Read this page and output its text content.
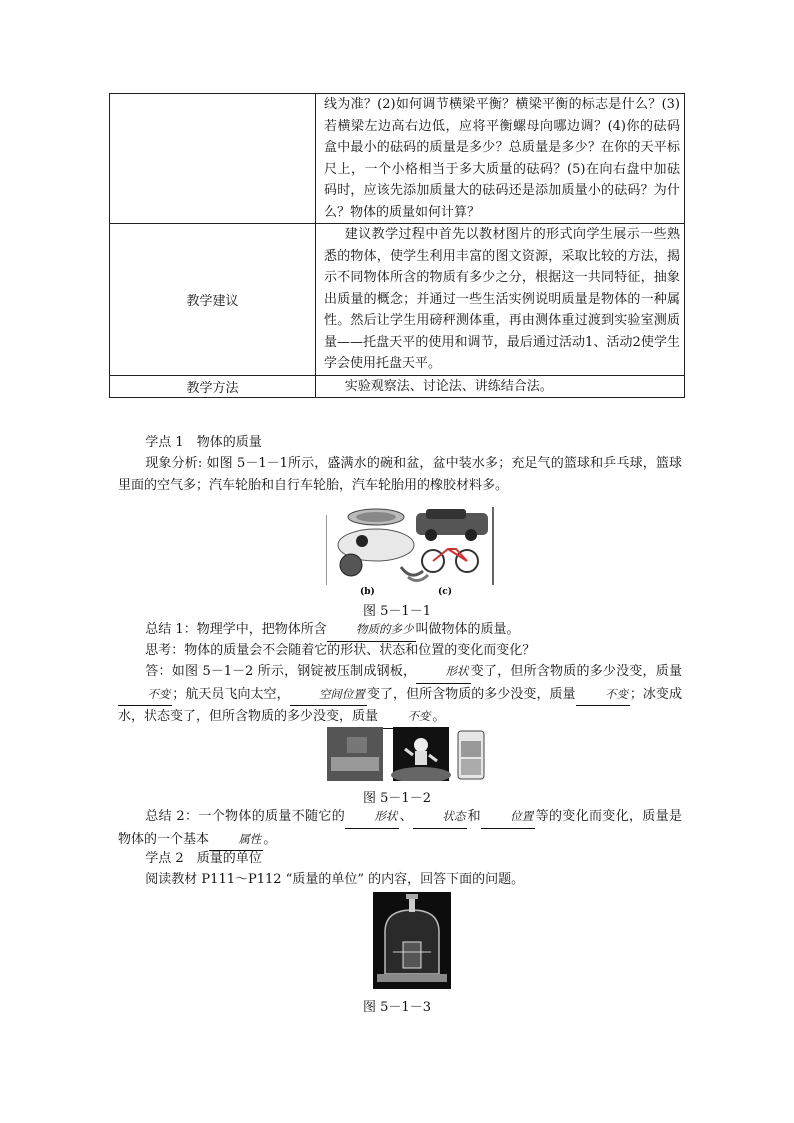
	线为准？(2)如何调节横梁平衡？横梁平衡的标志是什么？(3)若横梁左边高右边低，应将平衡螺母向哪边调？(4)你的砝码盒中最小的砝码的质量是多少？总质量是多少？在你的天平标尺上，一个小格相当于多大质量的砝码？(5)在向右盘中加砝码时，应该先添加质量大的砝码还是添加质量小的砝码？为什么？物体的质量如何计算？
教学建议	建议教学过程中首先以教材图片的形式向学生展示一些熟悉的物体，使学生利用丰富的图文资源，采取比较的方法，揭示不同物体所含的物质有多少之分，根据这一共同特征，抽象出质量的概念；并通过一些生活实例说明质量是物体的一种属性。然后让学生用磅秤测体重，再由测体重过渡到实验室测质量——托盘天平的使用和调节，最后通过活动1、活动2使学生学会使用托盘天平。
教学方法	实验观察法、讨论法、讲练结合法。
学点 1　物体的质量
现象分析: 如图 5－1－1所示，盛满水的碗和盆，盆中装水多；充足气的篮球和乒乓球，篮球里面的空气多；汽车轮胎和自行车轮胎，汽车轮胎用的橡胶材料多。
(b)	(c)
图 5－1－1
总结 1：物理学中，把物体所含	物质的多少 叫做物体的质量。
思考：物体的质量会不会随着它的形状、状态和位置的变化而变化？
答：如图 5－1－2 所示，钢锭被压制成钢板，	形状 变了，但所含物质的多少没变，质量不变 ；航天员飞向太空，	空间位置 变了，但所含物质的多少没变，质量	不变 ；冰变成水，状态变了，但所含物质的多少没变，质量	不变 。
图 5－1－2
总结 2：一个物体的质量不随它的	形状 、	状态 和	位置 等的变化而变化，质量是物体的一个基本	属性 。
学点 2　质量的单位
阅读教材 P111～P112 “质量的单位” 的内容，回答下面的问题。
图 5－1－3
